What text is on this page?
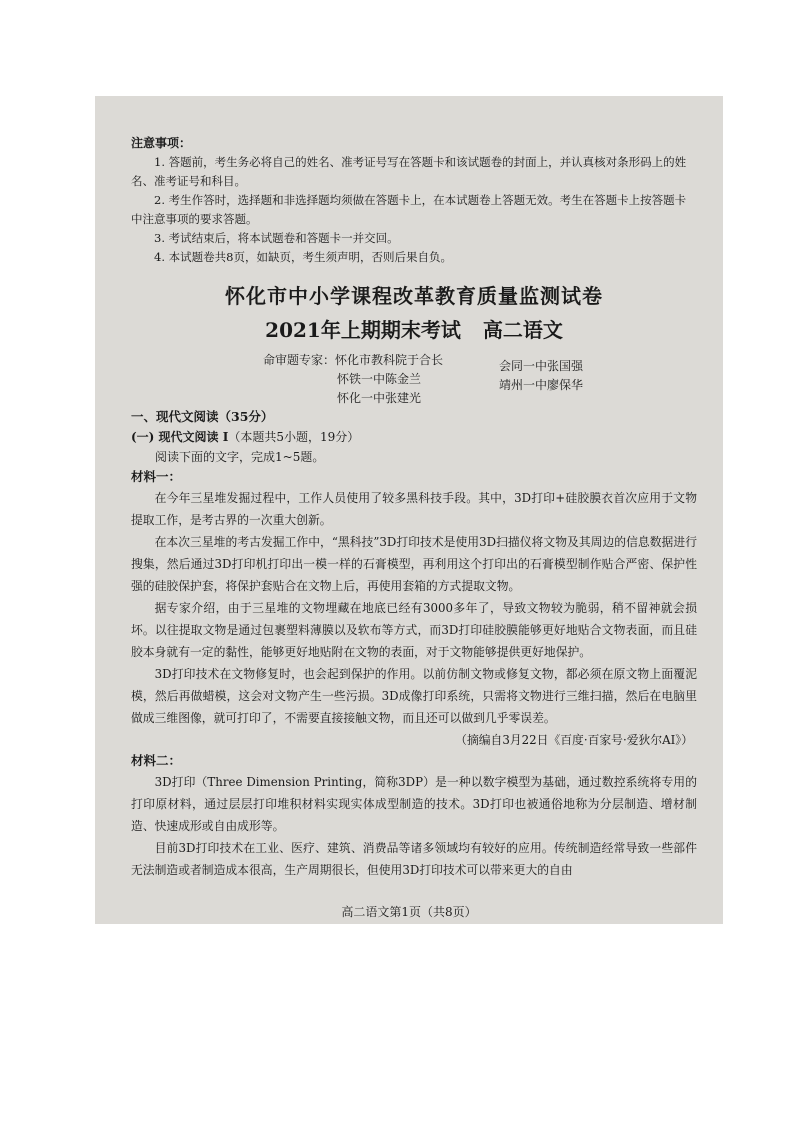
注意事项：
1. 答题前，考生务必将自己的姓名、准考证号写在答题卡和该试题卷的封面上，并认真核对条形码上的姓名、准考证号和科目。
2. 考生作答时，选择题和非选择题均须做在答题卡上，在本试题卷上答题无效。考生在答题卡上按答题卡中注意事项的要求答题。
3. 考试结束后，将本试题卷和答题卡一并交回。
4. 本试题卷共8页，如缺页，考生须声明，否则后果自负。
怀化市中小学课程改革教育质量监测试卷
2021年上期期末考试 高二语文
命审题专家：怀化市教科院于合长	会同一中张国强
怀铁一中陈金兰	靖州一中廖保华
怀化一中张建光
一、现代文阅读（35分）
(一) 现代文阅读 I（本题共5小题，19分）
阅读下面的文字，完成1~5题。
材料一：

在今年三星堆发掘过程中，工作人员使用了较多黑科技手段。其中，3D打印+硅胶膜衣首次应用于文物提取工作，是考古界的一次重大创新。

在本次三星堆的考古发掘工作中，“黑科技”3D打印技术是使用3D扫描仪将文物及其周边的信息数据进行搜集，然后通过3D打印机打印出一模一样的石膏模型，再利用这个打印出的石膏模型制作贴合严密、保护性强的硅胶保护套，将保护套贴合在文物上后，再使用套箱的方式提取文物。

据专家介绍，由于三星堆的文物埋藏在地底已经有3000多年了，导致文物较为脆弱，稍不留神就会损坏。以往提取文物是通过包裹塑料薄膜以及软布等方式，而3D打印硅胶膜能够更好地贴合文物表面，而且硅胶本身就有一定的黏性，能够更好地贴附在文物的表面，对于文物能够提供更好地保护。

3D打印技术在文物修复时，也会起到保护的作用。以前仿制文物或修复文物，都必须在原文物上面覆泥模，然后再做蜡模，这会对文物产生一些污损。3D成像打印系统，只需将文物进行三维扫描，然后在电脑里做成三维图像，就可打印了，不需要直接接触文物，而且还可以做到几乎零误差。

（摘编自3月22日《百度·百家号·爱狄尔AI》）
材料二：

3D打印（Three Dimension Printing，简称3DP）是一种以数字模型为基础，通过数控系统将专用的打印原材料，通过层层打印堆积材料实现实体成型制造的技术。3D打印也被通俗地称为分层制造、增材制造、快速成形或自由成形等。

目前3D打印技术在工业、医疗、建筑、消费品等诸多领域均有较好的应用。传统制造经常导致一些部件无法制造或者制造成本很高，生产周期很长，但使用3D打印技术可以带来更大的自由

高二语文第1页（共8页）
